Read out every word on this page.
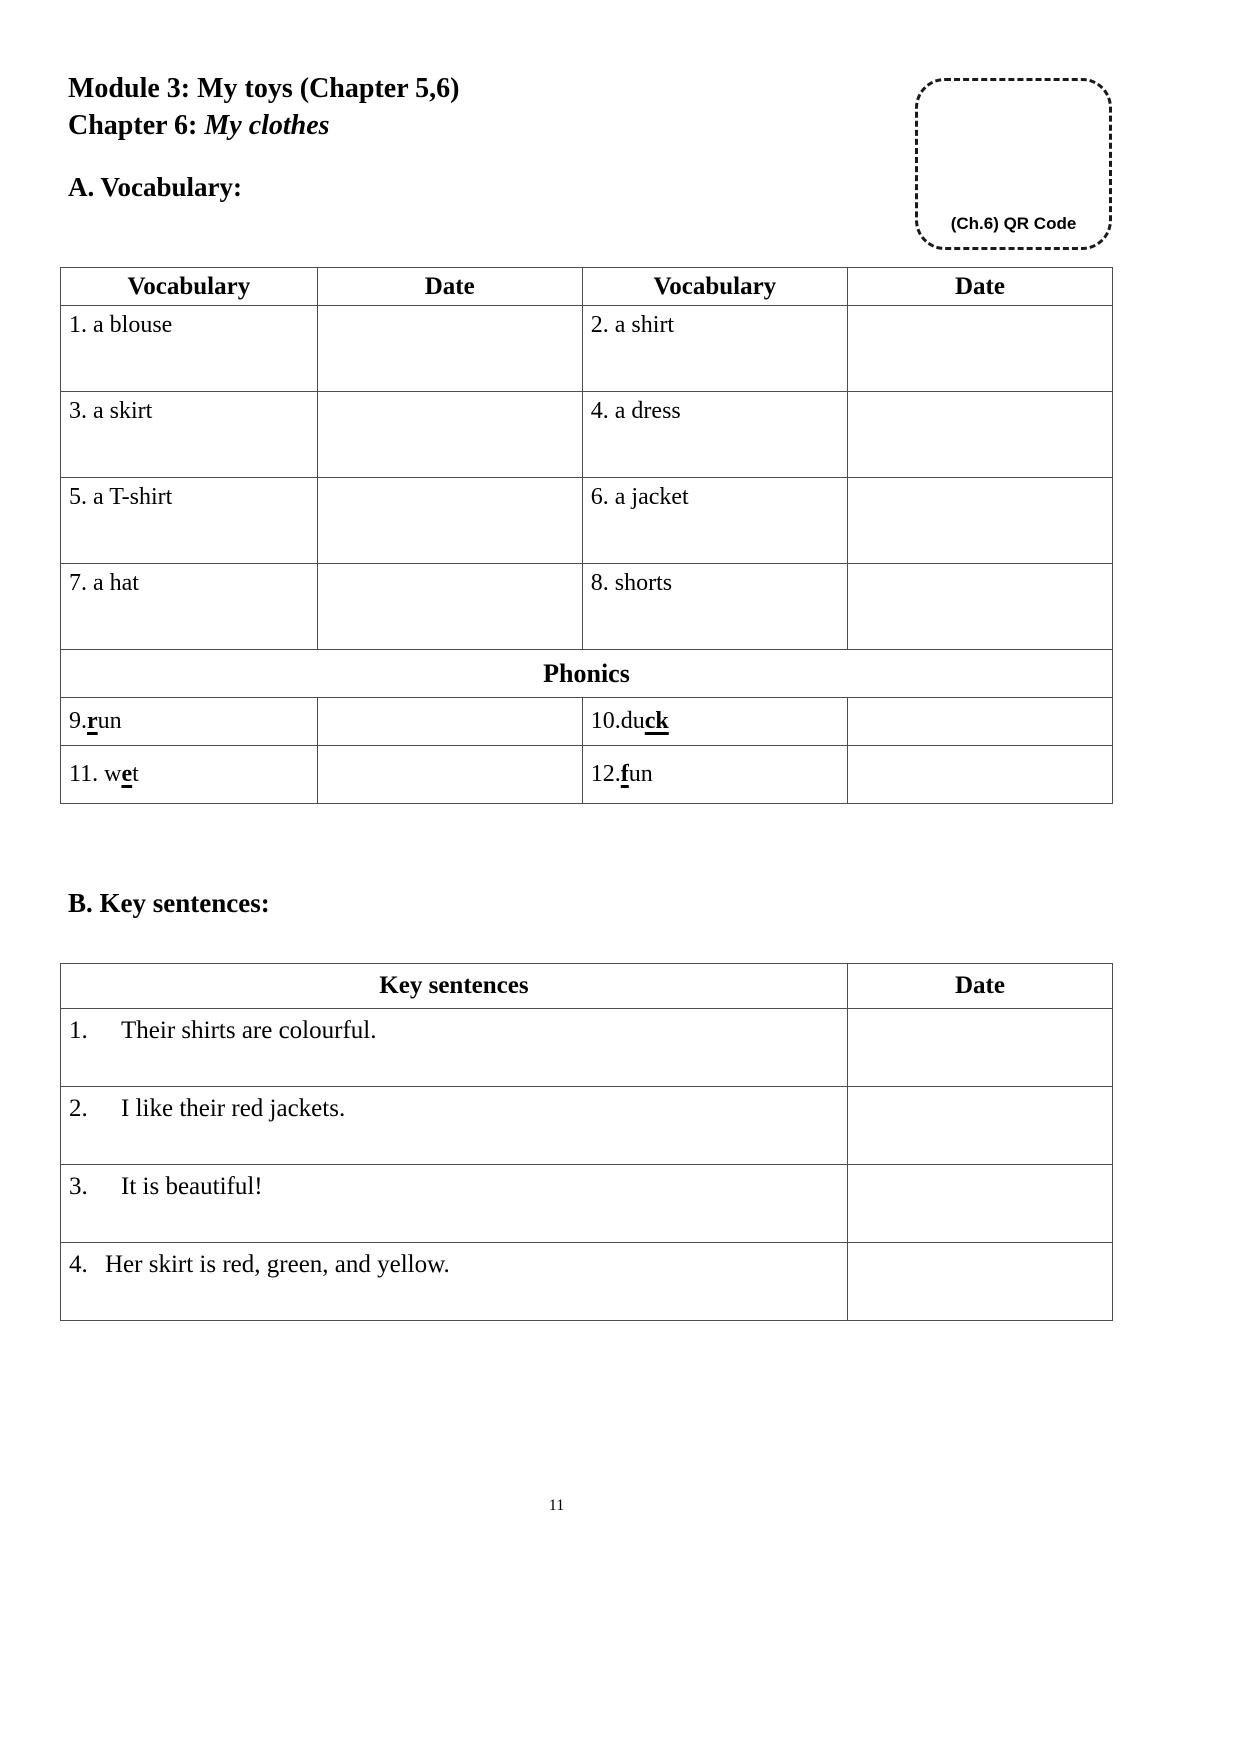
Module 3: My toys (Chapter 5,6)
Chapter 6: My clothes
(Ch.6) QR Code
A. Vocabulary:
Vocabulary	Date	Vocabulary	Date
1. a blouse		2. a shirt	
3. a skirt		4. a dress	
5. a T-shirt		6. a jacket	
7. a hat		8. shorts	
Phonics			
9.run		10.duck	
11. wet		12.fun	
B. Key sentences:
Key sentences	Date
1. Their shirts are colourful.	
2. I like their red jackets.	
3. It is beautiful!	
4. Her skirt is red, green, and yellow.	
11
